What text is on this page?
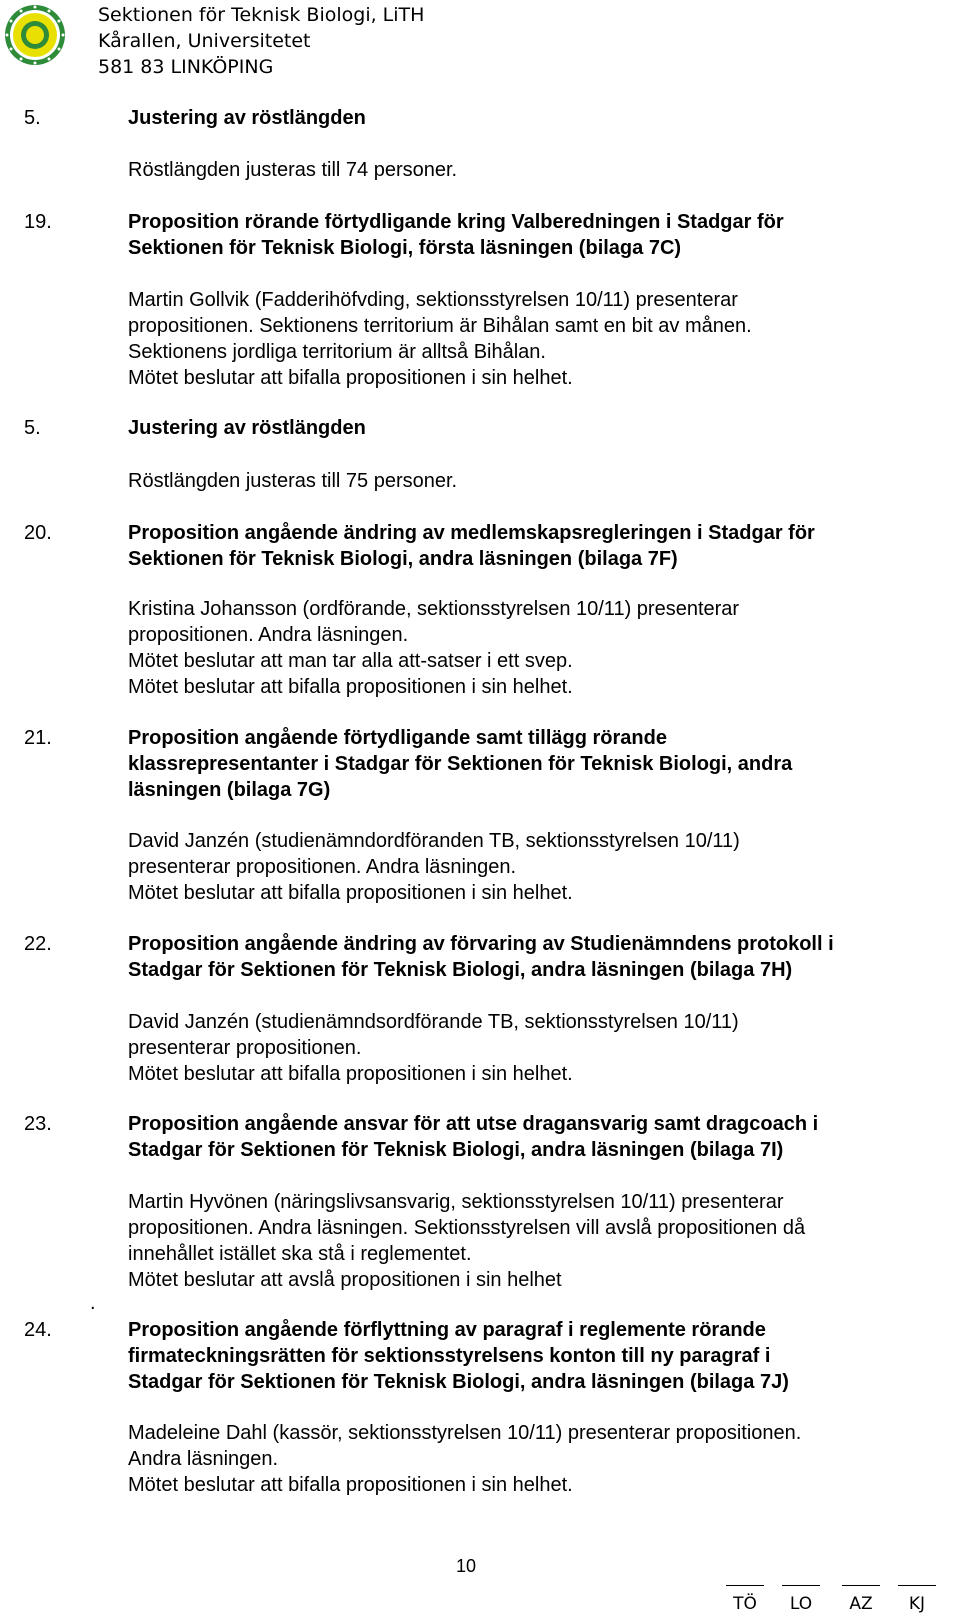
Sektionen för Teknisk Biologi, LiTH
Kårallen, Universitetet
581 83 LINKÖPING
5.	Justering av röstlängden
Röstlängden justeras till 74 personer.
19.	Proposition rörande förtydligande kring Valberedningen i Stadgar för
Sektionen för Teknisk Biologi, första läsningen (bilaga 7C)
Martin Gollvik (Fadderihöfvding, sektionsstyrelsen 10/11) presenterar
propositionen. Sektionens territorium är Bihålan samt en bit av månen.
Sektionens jordliga territorium är alltså Bihålan.
Mötet beslutar att bifalla propositionen i sin helhet.
5.	Justering av röstlängden
Röstlängden justeras till 75 personer.
20.	Proposition angående ändring av medlemskapsregleringen i Stadgar för
Sektionen för Teknisk Biologi, andra läsningen (bilaga 7F)
Kristina Johansson (ordförande, sektionsstyrelsen 10/11) presenterar
propositionen. Andra läsningen.
Mötet beslutar att man tar alla att-satser i ett svep.
Mötet beslutar att bifalla propositionen i sin helhet.
21.	Proposition angående förtydligande samt tillägg rörande
klassrepresentanter i Stadgar för Sektionen för Teknisk Biologi, andra
läsningen (bilaga 7G)
David Janzén (studienämndordföranden TB, sektionsstyrelsen 10/11)
presenterar propositionen. Andra läsningen.
Mötet beslutar att bifalla propositionen i sin helhet.
22.	Proposition angående ändring av förvaring av Studienämndens protokoll i
Stadgar för Sektionen för Teknisk Biologi, andra läsningen (bilaga 7H)
David Janzén (studienämndsordförande TB, sektionsstyrelsen 10/11)
presenterar propositionen.
Mötet beslutar att bifalla propositionen i sin helhet.
23.	Proposition angående ansvar för att utse dragansvarig samt dragcoach i
Stadgar för Sektionen för Teknisk Biologi, andra läsningen (bilaga 7I)
Martin Hyvönen (näringslivsansvarig, sektionsstyrelsen 10/11) presenterar
propositionen. Andra läsningen. Sektionsstyrelsen vill avslå propositionen då
innehållet istället ska stå i reglementet.
Mötet beslutar att avslå propositionen i sin helhet
.
24.	Proposition angående förflyttning av paragraf i reglemente rörande
firmateckningsrätten för sektionsstyrelsens konton till ny paragraf i
Stadgar för Sektionen för Teknisk Biologi, andra läsningen (bilaga 7J)
Madeleine Dahl (kassör, sektionsstyrelsen 10/11) presenterar propositionen.
Andra läsningen.
Mötet beslutar att bifalla propositionen i sin helhet.
10
TÖ	LO	AZ	KJ
